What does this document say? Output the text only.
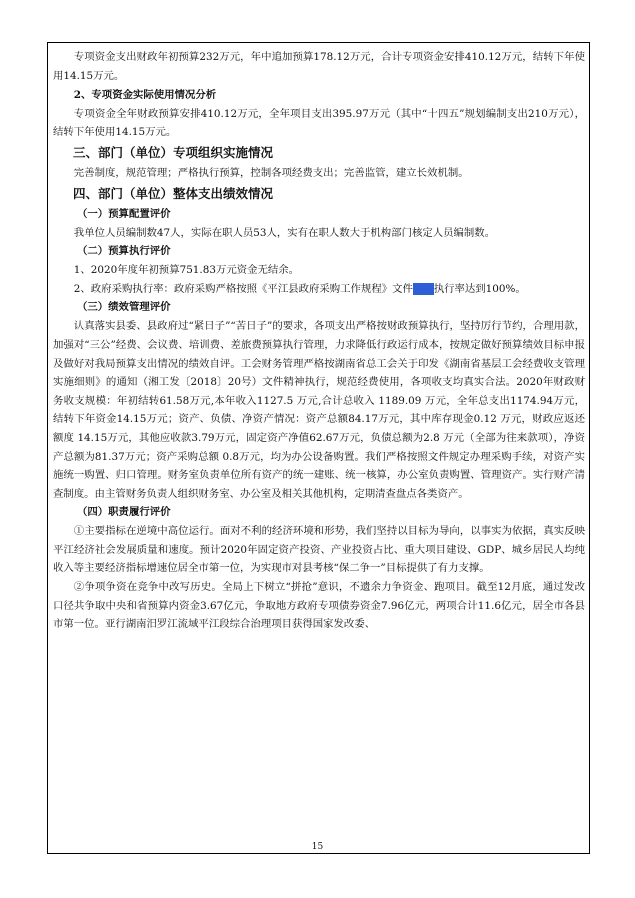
专项资金支出财政年初预算232万元，年中追加预算178.12万元，合计专项资金安排410.12万元，结转下年使用14.15万元。

2、专项资金实际使用情况分析

专项资金全年财政预算安排410.12万元，全年项目支出395.97万元（其中“十四五”规划编制支出210万元），结转下年使用14.15万元。

三、部门（单位）专项组织实施情况

完善制度，规范管理；严格执行预算，控制各项经费支出；完善监管，建立长效机制。

四、部门（单位）整体支出绩效情况

（一）预算配置评价

我单位人员编制数47人，实际在职人员53人，实有在职人数大于机构部门核定人员编制数。

（二）预算执行评价

1、2020年度年初预算751.83万元资金无结余。

2、政府采购执行率：政府采购严格按照《平江县政府采购工作规程》文件精神执行率达到100%。

（三）绩效管理评价

认真落实县委、县政府过“紧日子”“苦日子”的要求，各项支出严格按财政预算执行，坚持厉行节约，合理用款，加强对“三公”经费、会议费、培训费、差旅费预算执行管理，力求降低行政运行成本，按规定做好预算绩效目标申报及做好对我局预算支出情况的绩效自评。工会财务管理严格按湖南省总工会关于印发《湖南省基层工会经费收支管理实施细则》的通知（湘工发〔2018〕20号）文件精神执行，规范经费使用，各项收支均真实合法。2020年财政财务收支规模：年初结转61.58万元,本年收入1127.5 万元,合计总收入 1189.09 万元，全年总支出1174.94万元，结转下年资金14.15万元；资产、负债、净资产情况：资产总额84.17万元，其中库存现金0.12 万元，财政应返还额度 14.15万元，其他应收款3.79万元，固定资产净值62.67万元，负债总额为2.8 万元（全部为往来款项），净资产总额为81.37万元；资产采购总额 0.8万元，均为办公设备购置。我们严格按照文件规定办理采购手续，对资产实施统一购置、归口管理。财务室负责单位所有资产的统一建账、统一核算，办公室负责购置、管理资产。实行财产清查制度。由主管财务负责人组织财务室、办公室及相关其他机构，定期清查盘点各类资产。

（四）职责履行评价

①主要指标在逆境中高位运行。面对不利的经济环境和形势，我们坚持以目标为导向，以事实为依据，真实反映平江经济社会发展质量和速度。预计2020年固定资产投资、产业投资占比、重大项目建设、GDP、城乡居民人均纯收入等主要经济指标增速位居全市第一位，为实现市对县考核“保二争一”目标提供了有力支撑。

②争项争资在竞争中改写历史。全局上下树立“拼抢”意识，不遗余力争资金、跑项目。截至12月底，通过发改口径共争取中央和省预算内资金3.67亿元，争取地方政府专项债券资金7.96亿元，两项合计11.6亿元，居全市各县市第一位。亚行湖南汨罗江流域平江段综合治理项目获得国家发改委、

15
